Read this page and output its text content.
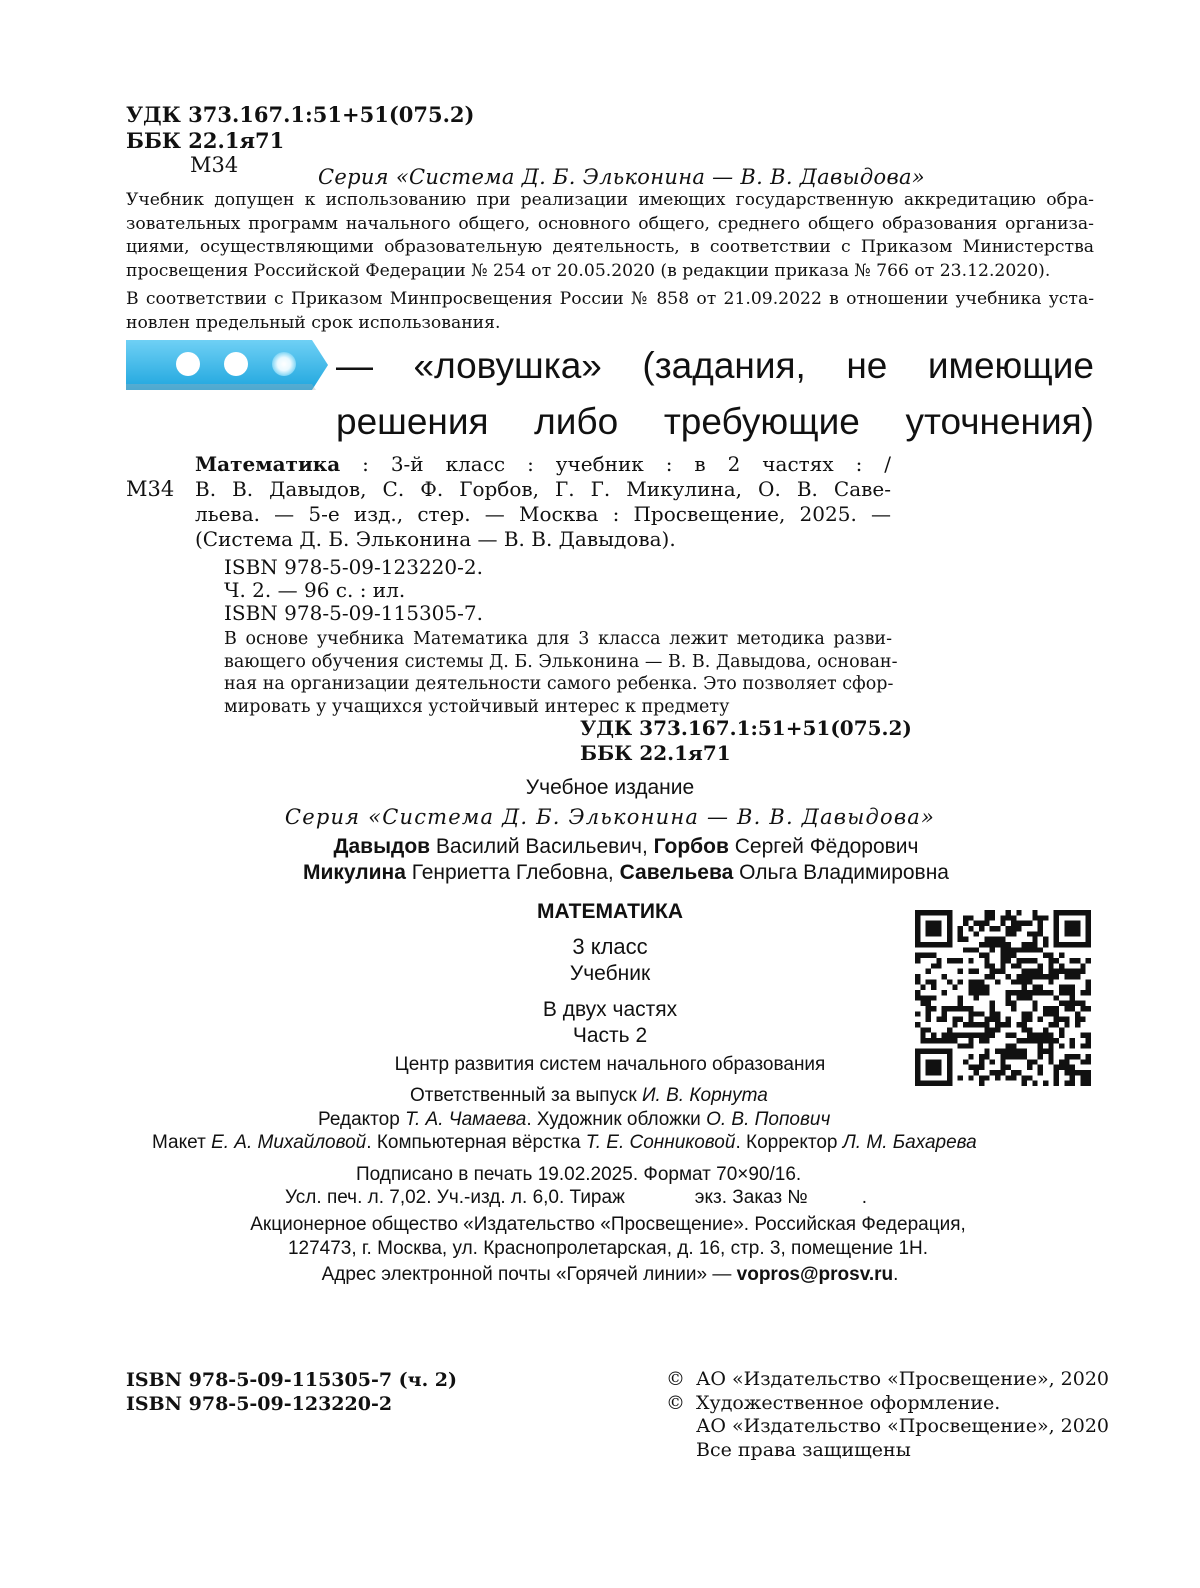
УДК 373.167.1:51+51(075.2)
ББК 22.1я71
М34	Серия «Система Д. Б. Эльконина — В. В. Давыдова»
Учебник допущен к использованию при реализации имеющих государственную аккредитацию обра-
зовательных программ начального общего, основного общего, среднего общего образования организа-
циями, осуществляющими образовательную деятельность, в соответствии с Приказом Министерства
просвещения Российской Федерации № 254 от 20.05.2020 (в редакции приказа № 766 от 23.12.2020).
В соответствии с Приказом Минпросвещения России № 858 от 21.09.2022 в отношении учебника уста-
новлен предельный срок использования.
— «ловушка» (задания, не имеющие
решения либо требующие уточнения)
М34
Математика : 3-й класс : учебник : в 2 частях : /
В. В. Давыдов, С. Ф. Горбов, Г. Г. Микулина, О. В. Саве-
льева. — 5-е изд., стер. — Москва : Просвещение, 2025. —
(Система Д. Б. Эльконина — В. В. Давыдова).
ISBN 978-5-09-123220-2.
Ч. 2. — 96 с. : ил.
ISBN 978-5-09-115305-7.
В основе учебника Математика для 3 класса лежит методика разви-
вающего обучения системы Д. Б. Эльконина — В. В. Давыдова, основан-
ная на организации деятельности самого ребенка. Это позволяет сфор-
мировать у учащихся устойчивый интерес к предмету
УДК 373.167.1:51+51(075.2)
ББК 22.1я71
Учебное издание
Серия «Система Д. Б. Эльконина — В. В. Давыдова»
Давыдов Василий Васильевич, Горбов Сергей Фёдорович
Микулина Генриетта Глебовна, Савельева Ольга Владимировна
МАТЕМАТИКА
3 класс
Учебник
В двух частях
Часть 2
Центр развития систем начального образования
Ответственный за выпуск И. В. Корнута
Редактор Т. А. Чамаева. Художник обложки О. В. Попович
Макет Е. А. Михайловой. Компьютерная вёрстка Т. Е. Сонниковой. Корректор Л. М. Бахарева
Подписано в печать 19.02.2025. Формат 70×90/16.
Усл. печ. л. 7,02. Уч.-изд. л. 6,0. Тираж	экз. Заказ №	.
Акционерное общество «Издательство «Просвещение». Российская Федерация,
127473, г. Москва, ул. Краснопролетарская, д. 16, стр. 3, помещение 1Н.
Адрес электронной почты «Горячей линии» — vopros@prosv.ru.
ISBN 978-5-09-115305-7 (ч. 2)
ISBN 978-5-09-123220-2
© АО «Издательство «Просвещение», 2020
© Художественное оформление.
АО «Издательство «Просвещение», 2020
Все права защищены
